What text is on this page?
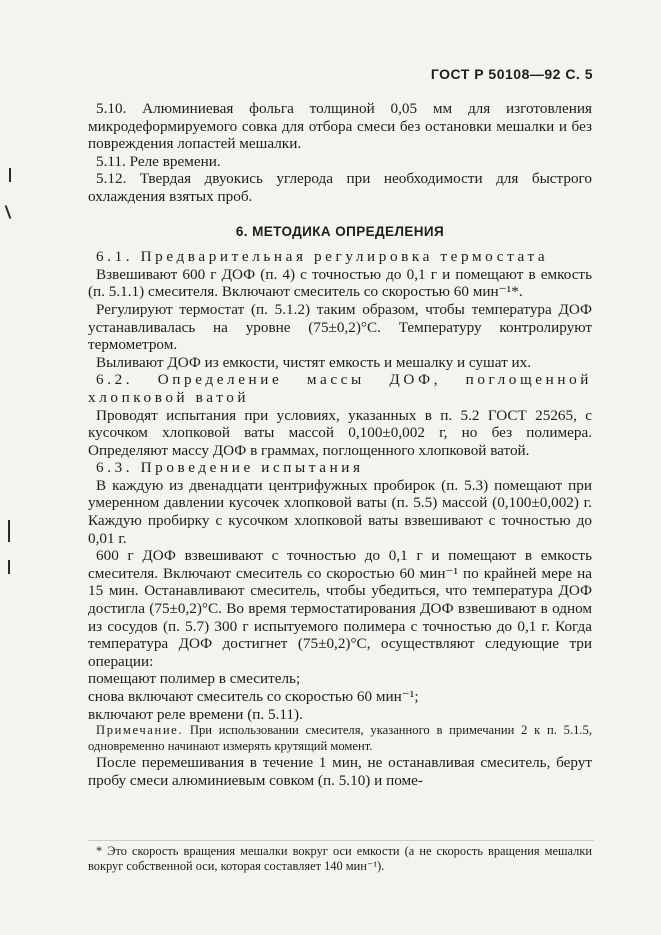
ГОСТ Р 50108—92 С. 5

5.10. Алюминиевая фольга толщиной 0,05 мм для изготовления микродеформируемого совка для отбора смеси без остановки мешалки и без повреждения лопастей мешалки.

5.11. Реле времени.

5.12. Твердая двуокись углерода при необходимости для быстрого охлаждения взятых проб.

6. МЕТОДИКА ОПРЕДЕЛЕНИЯ

6.1. Предварительная регулировка термостата

Взвешивают 600 г ДОФ (п. 4) с точностью до 0,1 г и помещают в емкость (п. 5.1.1) смесителя. Включают смеситель со скоростью 60 мин⁻¹*.

Регулируют термостат (п. 5.1.2) таким образом, чтобы температура ДОФ устанавливалась на уровне (75±0,2)°С. Температуру контролируют термометром.

Выливают ДОФ из емкости, чистят емкость и мешалку и сушат их.

6.2. Определение массы ДОФ, поглощенной хлопковой ватой

Проводят испытания при условиях, указанных в п. 5.2 ГОСТ 25265, с кусочком хлопковой ваты массой 0,100±0,002 г, но без полимера. Определяют массу ДОФ в граммах, поглощенного хлопковой ватой.

6.3. Проведение испытания

В каждую из двенадцати центрифужных пробирок (п. 5.3) помещают при умеренном давлении кусочек хлопковой ваты (п. 5.5) массой (0,100±0,002) г. Каждую пробирку с кусочком хлопковой ваты взвешивают с точностью до 0,01 г.

600 г ДОФ взвешивают с точностью до 0,1 г и помещают в емкость смесителя. Включают смеситель со скоростью 60 мин⁻¹ по крайней мере на 15 мин. Останавливают смеситель, чтобы убедиться, что температура ДОФ достигла (75±0,2)°С. Во время термостатирования ДОФ взвешивают в одном из сосудов (п. 5.7) 300 г испытуемого полимера с точностью до 0,1 г. Когда температура ДОФ достигнет (75±0,2)°С, осуществляют следующие три операции:

помещают полимер в смеситель;

снова включают смеситель со скоростью 60 мин⁻¹;

включают реле времени (п. 5.11).

Примечание. При использовании смесителя, указанного в примечании 2 к п. 5.1.5, одновременно начинают измерять крутящий момент.

После перемешивания в течение 1 мин, не останавливая смеситель, берут пробу смеси алюминиевым совком (п. 5.10) и поме-

* Это скорость вращения мешалки вокруг оси емкости (а не скорость вращения мешалки вокруг собственной оси, которая составляет 140 мин⁻¹).
